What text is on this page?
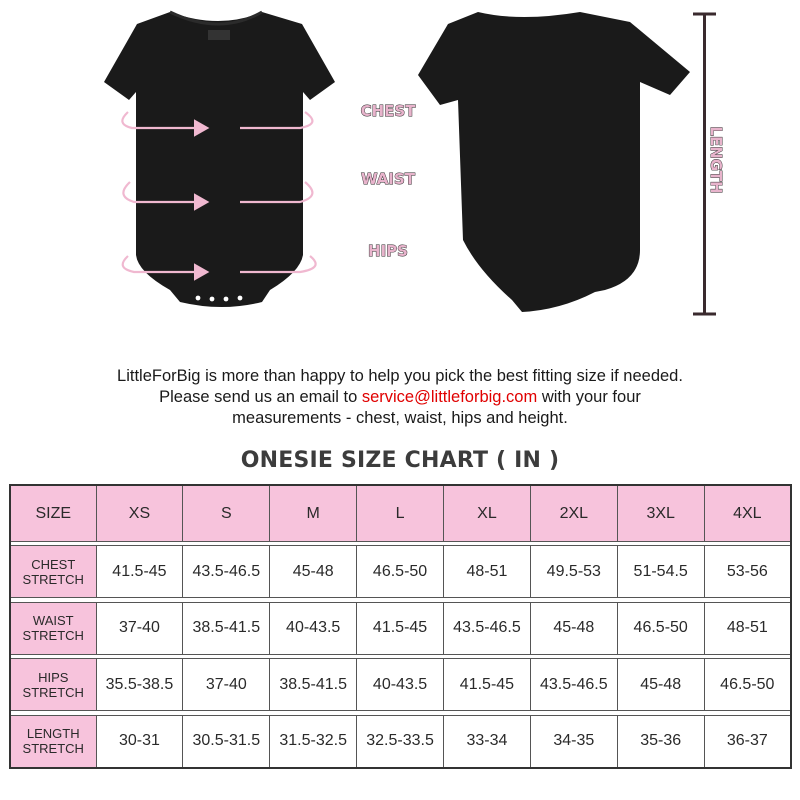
CHEST
WAIST
HIPS
LENGTH
LittleForBig is more than happy to help you pick the best fitting size if needed.
Please send us an email to service@littleforbig.com with your four
measurements - chest, waist, hips and height.
ONESIE SIZE CHART ( IN )
SIZE	XS	S	M	L	XL	2XL	3XL	4XL

CHEST
STRETCH	41.5-45	43.5-46.5	45-48	46.5-50	48-51	49.5-53	51-54.5	53-56

WAIST
STRETCH	37-40	38.5-41.5	40-43.5	41.5-45	43.5-46.5	45-48	46.5-50	48-51

HIPS
STRETCH	35.5-38.5	37-40	38.5-41.5	40-43.5	41.5-45	43.5-46.5	45-48	46.5-50

LENGTH
STRETCH	30-31	30.5-31.5	31.5-32.5	32.5-33.5	33-34	34-35	35-36	36-37
